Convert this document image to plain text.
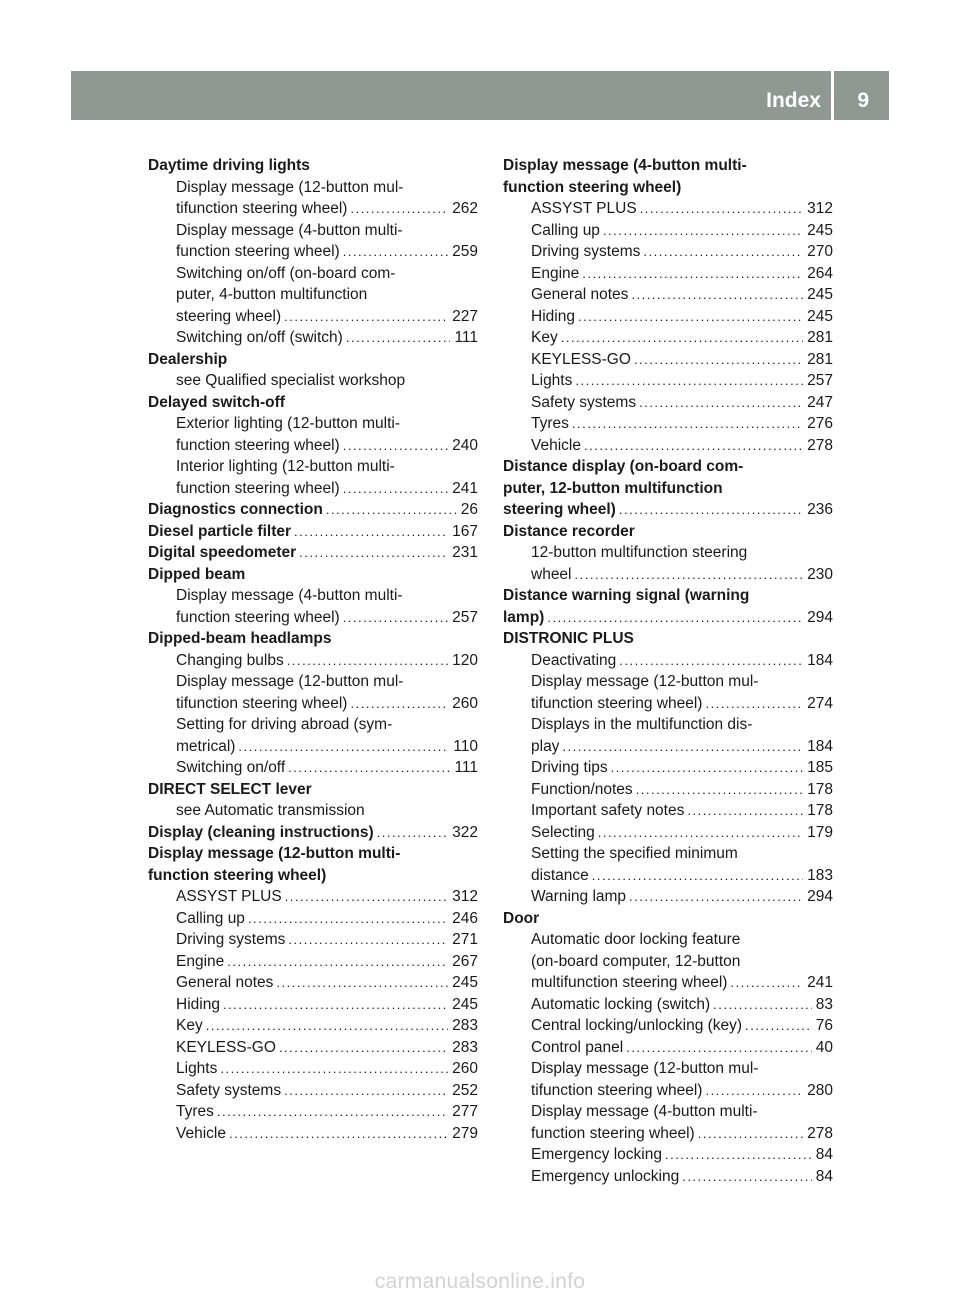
Index 9
Daytime driving lights
Display message (12-button mul-
tifunction steering wheel) .....	262
Display message (4-button multi-
function steering wheel) .....	259
Switching on/off (on-board com-
puter, 4-button multifunction
steering wheel) .....	227
Switching on/off (switch) .....	111
Dealership
see Qualified specialist workshop
Delayed switch-off
Exterior lighting (12-button multi-
function steering wheel) .....	240
Interior lighting (12-button multi-
function steering wheel) .....	241
Diagnostics connection .....	26
Diesel particle filter .....	167
Digital speedometer .....	231
Dipped beam
Display message (4-button multi-
function steering wheel) .....	257
Dipped-beam headlamps
Changing bulbs .....	120
Display message (12-button mul-
tifunction steering wheel) .....	260
Setting for driving abroad (sym-
metrical) .....	110
Switching on/off .....	111
DIRECT SELECT lever
see Automatic transmission
Display (cleaning instructions) .....	322
Display message (12-button multi-
function steering wheel)
ASSYST PLUS .....	312
Calling up .....	246
Driving systems .....	271
Engine .....	267
General notes .....	245
Hiding .....	245
Key .....	283
KEYLESS-GO .....	283
Lights .....	260
Safety systems .....	252
Tyres .....	277
Vehicle .....	279
Display message (4-button multi-
function steering wheel)
ASSYST PLUS .....	312
Calling up .....	245
Driving systems .....	270
Engine .....	264
General notes .....	245
Hiding .....	245
Key .....	281
KEYLESS-GO .....	281
Lights .....	257
Safety systems .....	247
Tyres .....	276
Vehicle .....	278
Distance display (on-board com-
puter, 12-button multifunction
steering wheel) .....	236
Distance recorder
12-button multifunction steering
wheel .....	230
Distance warning signal (warning
lamp) .....	294
DISTRONIC PLUS
Deactivating .....	184
Display message (12-button mul-
tifunction steering wheel) .....	274
Displays in the multifunction dis-
play .....	184
Driving tips .....	185
Function/notes .....	178
Important safety notes .....	178
Selecting .....	179
Setting the specified minimum
distance .....	183
Warning lamp .....	294
Door
Automatic door locking feature
(on-board computer, 12-button
multifunction steering wheel) .....	241
Automatic locking (switch) .....	83
Central locking/unlocking (key) .....	76
Control panel .....	40
Display message (12-button mul-
tifunction steering wheel) .....	280
Display message (4-button multi-
function steering wheel) .....	278
Emergency locking .....	84
Emergency unlocking .....	84
carmanualsonline.info
